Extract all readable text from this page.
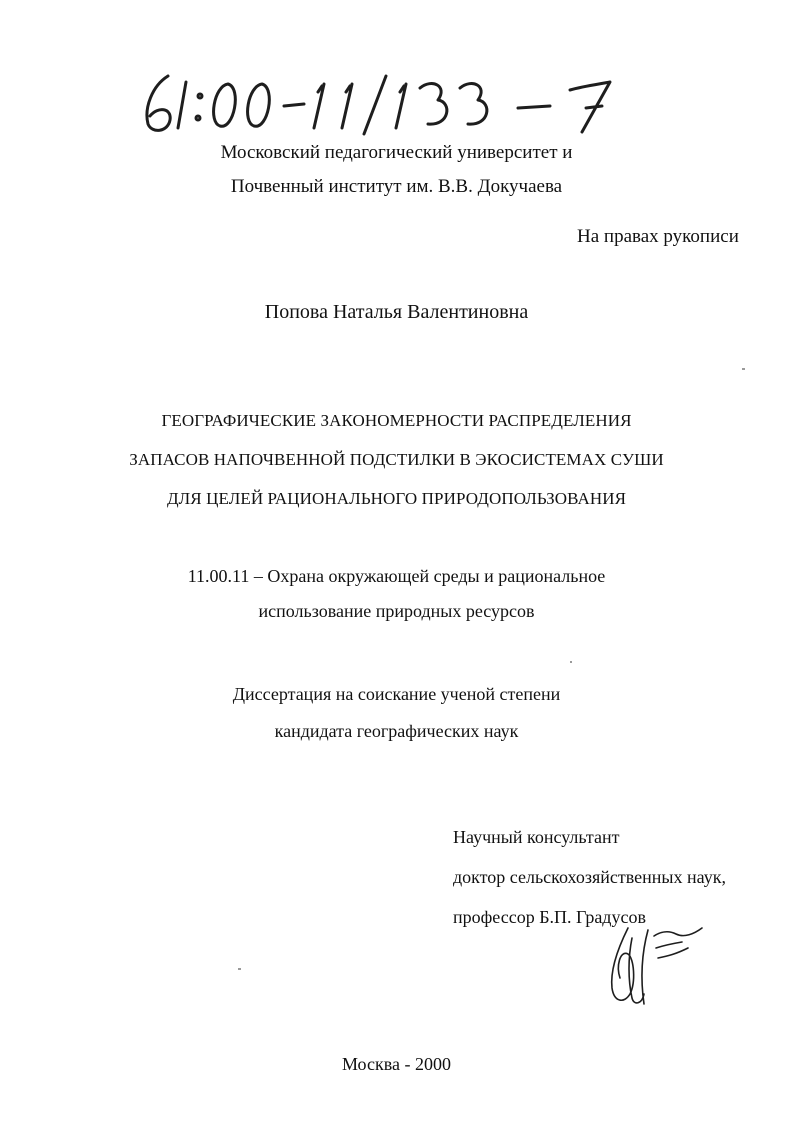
Московский педагогический университет и
Почвенный институт им. В.В. Докучаева
На правах рукописи
Попова Наталья Валентиновна
ГЕОГРАФИЧЕСКИЕ ЗАКОНОМЕРНОСТИ РАСПРЕДЕЛЕНИЯ
ЗАПАСОВ НАПОЧВЕННОЙ ПОДСТИЛКИ В ЭКОСИСТЕМАХ СУШИ
ДЛЯ ЦЕЛЕЙ РАЦИОНАЛЬНОГО ПРИРОДОПОЛЬЗОВАНИЯ
11.00.11 – Охрана окружающей среды и рациональное
использование природных ресурсов
Диссертация на соискание ученой степени
кандидата географических наук
Научный консультант
доктор сельскохозяйственных наук,
профессор Б.П. Градусов
Москва - 2000
